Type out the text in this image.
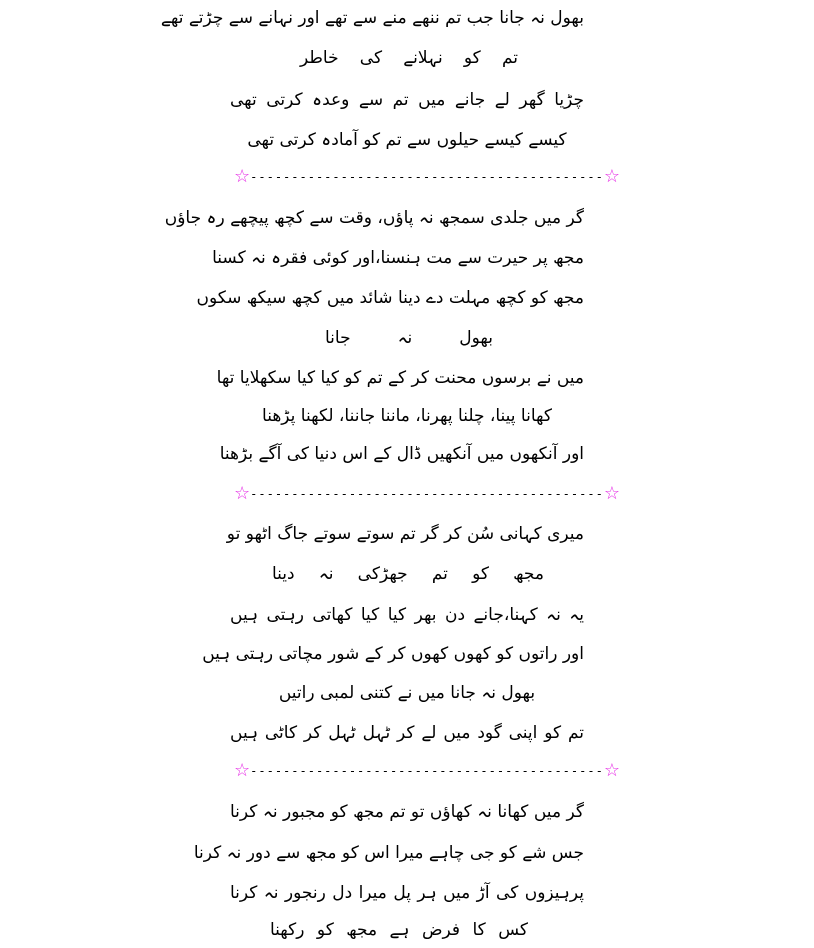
بھول نہ جانا جب تم ننھے منے سے تھے اور نہانے سے چڑتے تھے
تم کو نہلانے کی خاطر
چڑیا گھر لے جانے میں تم سے وعدہ کرتی تھی
کیسے کیسے حیلوں سے تم کو آمادہ کرتی تھی
☆ ------------------------------------------- ☆
گر میں جلدی سمجھ نہ پاؤں، وقت سے کچھ پیچھے رہ جاؤں
مجھ پر حیرت سے مت ہنسنا،اور کوئی فقرہ نہ کسنا
مجھ کو کچھ مہلت دے دینا شائد میں کچھ سیکھ سکوں
بھول نہ جانا
میں نے برسوں محنت کر کے تم کو کیا کیا سکھلایا تھا
کھانا پینا، چلنا پھرنا، ماننا جاننا، لکھنا پڑھنا
اور آنکھوں میں آنکھیں ڈال کے اس دنیا کی آگے بڑھنا
☆ ------------------------------------------- ☆
میری کہانی سُن کر گر تم سوتے سوتے جاگ اٹھو تو
مجھ کو تم جھڑکی نہ دینا
یہ نہ کہنا،جانے دن بھر کیا کیا کھاتی رہتی ہیں
اور راتوں کو کھوں کھوں کر کے شور مچاتی رہتی ہیں
بھول نہ جانا میں نے کتنی لمبی راتیں
تم کو اپنی گود میں لے کر ٹہل ٹہل کر کاٹی ہیں
☆ ------------------------------------------- ☆
گر میں کھانا نہ کھاؤں تو تم مجھ کو مجبور نہ کرنا
جس شے کو جی چاہے میرا اس کو مجھ سے دور نہ کرنا
پرہیزوں کی آڑ میں ہر پل میرا دل رنجور نہ کرنا
کس کا فرض ہے مجھ کو رکھنا
